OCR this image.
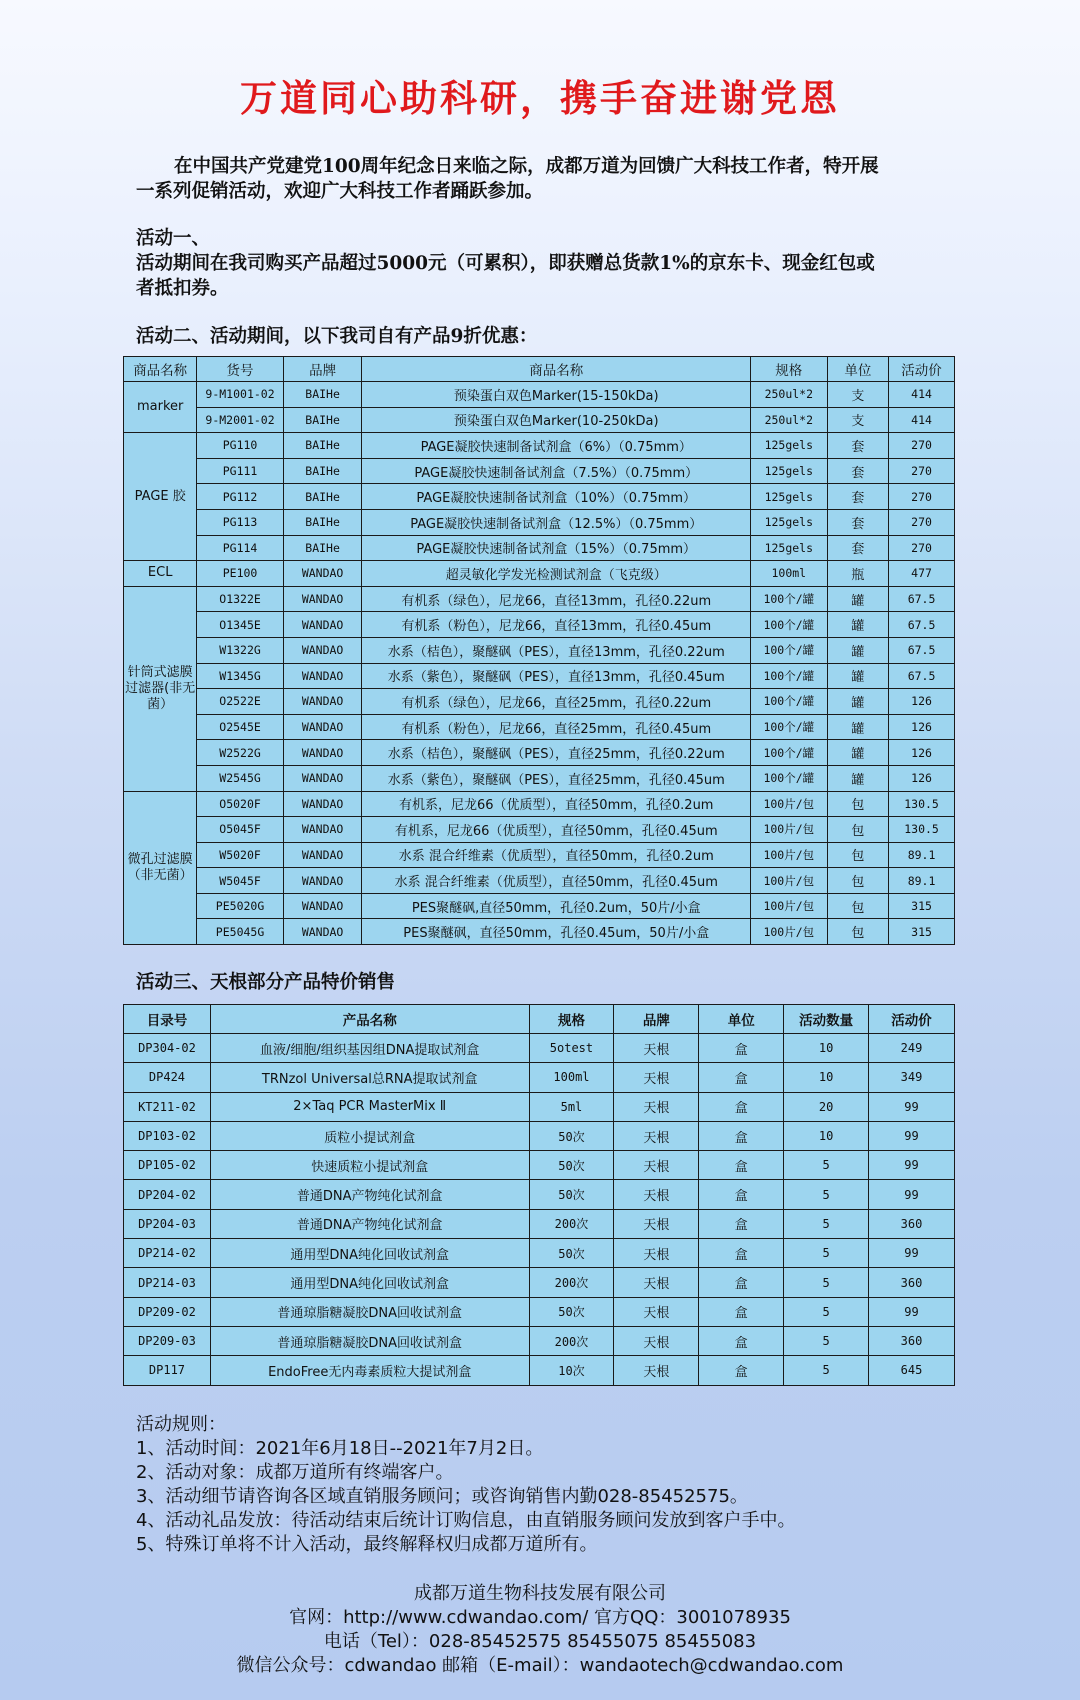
万道同心助科研，携手奋进谢党恩

在中国共产党建党100周年纪念日来临之际，成都万道为回馈广大科技工作者，特开展

一系列促销活动，欢迎广大科技工作者踊跃参加。

活动一、
活动期间在我司购买产品超过5000元（可累积），即获赠总货款1%的京东卡、现金红包或
者抵扣券。
活动二、活动期间，以下我司自有产品9折优惠：
商品名称	货号	品牌	商品名称	规格	单位	活动价
marker	9-M1001-02	BAIHe	预染蛋白双色Marker(15-150kDa)	250ul*2	支	414
	9-M2001-02	BAIHe	预染蛋白双色Marker(10-250kDa)	250ul*2	支	414
PAGE 胶	PG110	BAIHe	PAGE凝胶快速制备试剂盒（6%）（0.75mm）	125gels	套	270
	PG111	BAIHe	PAGE凝胶快速制备试剂盒（7.5%）（0.75mm）	125gels	套	270
	PG112	BAIHe	PAGE凝胶快速制备试剂盒（10%）（0.75mm）	125gels	套	270
	PG113	BAIHe	PAGE凝胶快速制备试剂盒（12.5%）（0.75mm）	125gels	套	270
	PG114	BAIHe	PAGE凝胶快速制备试剂盒（15%）（0.75mm）	125gels	套	270
ECL	PE100	WANDAO	超灵敏化学发光检测试剂盒（飞克级）	100ml	瓶	477
针筒式滤膜过滤器(非无菌）	O1322E	WANDAO	有机系（绿色），尼龙66，直径13mm，孔径0.22um	100个/罐	罐	67.5
	O1345E	WANDAO	有机系（粉色），尼龙66，直径13mm，孔径0.45um	100个/罐	罐	67.5
	W1322G	WANDAO	水系（桔色），聚醚砜（PES），直径13mm，孔径0.22um	100个/罐	罐	67.5
	W1345G	WANDAO	水系（紫色），聚醚砜（PES），直径13mm，孔径0.45um	100个/罐	罐	67.5
	O2522E	WANDAO	有机系（绿色），尼龙66，直径25mm，孔径0.22um	100个/罐	罐	126
	O2545E	WANDAO	有机系（粉色），尼龙66，直径25mm，孔径0.45um	100个/罐	罐	126
	W2522G	WANDAO	水系（桔色），聚醚砜（PES），直径25mm，孔径0.22um	100个/罐	罐	126
	W2545G	WANDAO	水系（紫色），聚醚砜（PES），直径25mm，孔径0.45um	100个/罐	罐	126
微孔过滤膜（非无菌）	O5020F	WANDAO	有机系，尼龙66（优质型），直径50mm，孔径0.2um	100片/包	包	130.5
	O5045F	WANDAO	有机系，尼龙66（优质型），直径50mm，孔径0.45um	100片/包	包	130.5
	W5020F	WANDAO	水系 混合纤维素（优质型），直径50mm，孔径0.2um	100片/包	包	89.1
	W5045F	WANDAO	水系 混合纤维素（优质型），直径50mm，孔径0.45um	100片/包	包	89.1
	PE5020G	WANDAO	PES聚醚砜,直径50mm，孔径0.2um，50片/小盒	100片/包	包	315
	PE5045G	WANDAO	PES聚醚砜，直径50mm，孔径0.45um，50片/小盒	100片/包	包	315
活动三、天根部分产品特价销售
目录号	产品名称	规格	品牌	单位	活动数量	活动价
DP304-02	血液/细胞/组织基因组DNA提取试剂盒	5otest	天根	盒	10	249
DP424	TRNzol Universal总RNA提取试剂盒	100ml	天根	盒	10	349
KT211-02	2×Taq PCR MasterMix Ⅱ	5ml	天根	盒	20	99
DP103-02	质粒小提试剂盒	50次	天根	盒	10	99
DP105-02	快速质粒小提试剂盒	50次	天根	盒	5	99
DP204-02	普通DNA产物纯化试剂盒	50次	天根	盒	5	99
DP204-03	普通DNA产物纯化试剂盒	200次	天根	盒	5	360
DP214-02	通用型DNA纯化回收试剂盒	50次	天根	盒	5	99
DP214-03	通用型DNA纯化回收试剂盒	200次	天根	盒	5	360
DP209-02	普通琼脂糖凝胶DNA回收试剂盒	50次	天根	盒	5	99
DP209-03	普通琼脂糖凝胶DNA回收试剂盒	200次	天根	盒	5	360
DP117	EndoFree无内毒素质粒大提试剂盒	10次	天根	盒	5	645
活动规则：
1、活动时间：2021年6月18日--2021年7月2日。
2、活动对象：成都万道所有终端客户。
3、活动细节请咨询各区域直销服务顾问；或咨询销售内勤028-85452575。
4、活动礼品发放：待活动结束后统计订购信息，由直销服务顾问发放到客户手中。
5、特殊订单将不计入活动，最终解释权归成都万道所有。
成都万道生物科技发展有限公司
官网：http://www.cdwandao.com/ 官方QQ：3001078935
电话（Tel）：028-85452575 85455075 85455083
微信公众号：cdwandao 邮箱（E-mail）：wandaotech@cdwandao.com
